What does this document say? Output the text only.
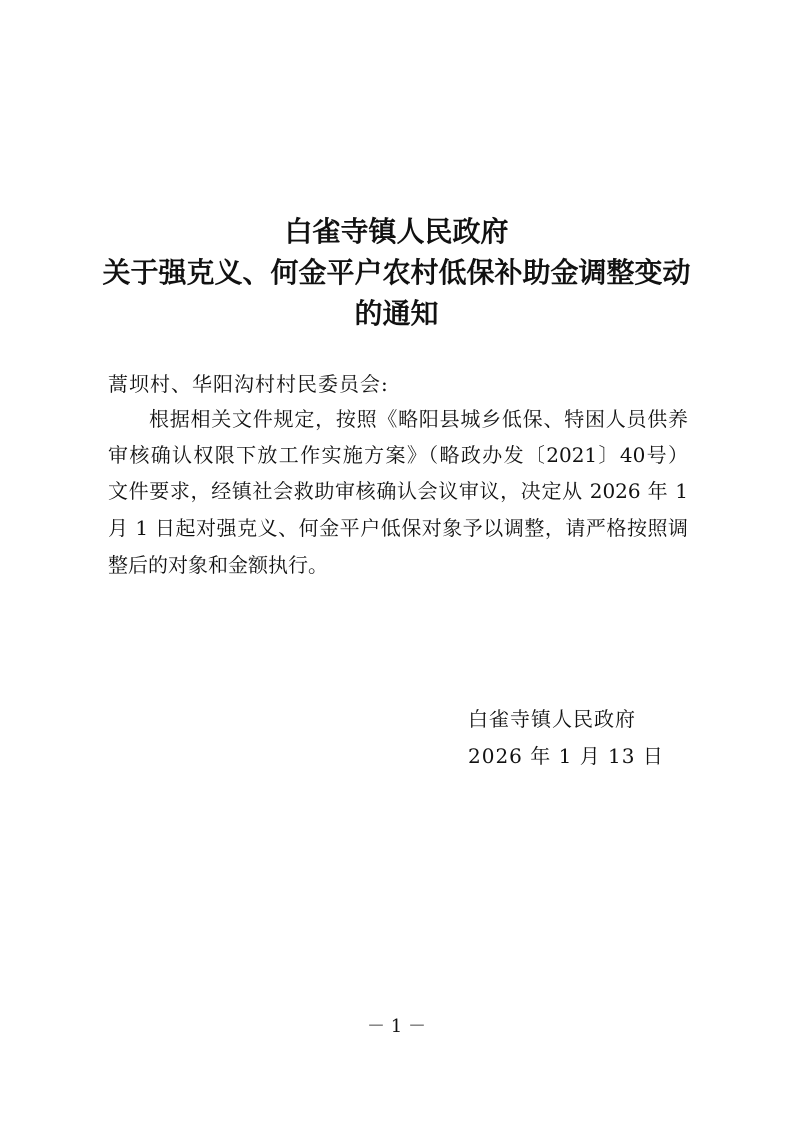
白雀寺镇人民政府
关于强克义、何金平户农村低保补助金调整变动
的通知
蒿坝村、华阳沟村村民委员会:
根据相关文件规定，按照《略阳县城乡低保、特困人员供养
审核确认权限下放工作实施方案》（略政办发〔2021〕40号）
文件要求，经镇社会救助审核确认会议审议，决定从 2026 年 1
月 1 日起对强克义、何金平户低保对象予以调整，请严格按照调
整后的对象和金额执行。
白雀寺镇人民政府
2026 年 1 月 13 日
－ 1 －
